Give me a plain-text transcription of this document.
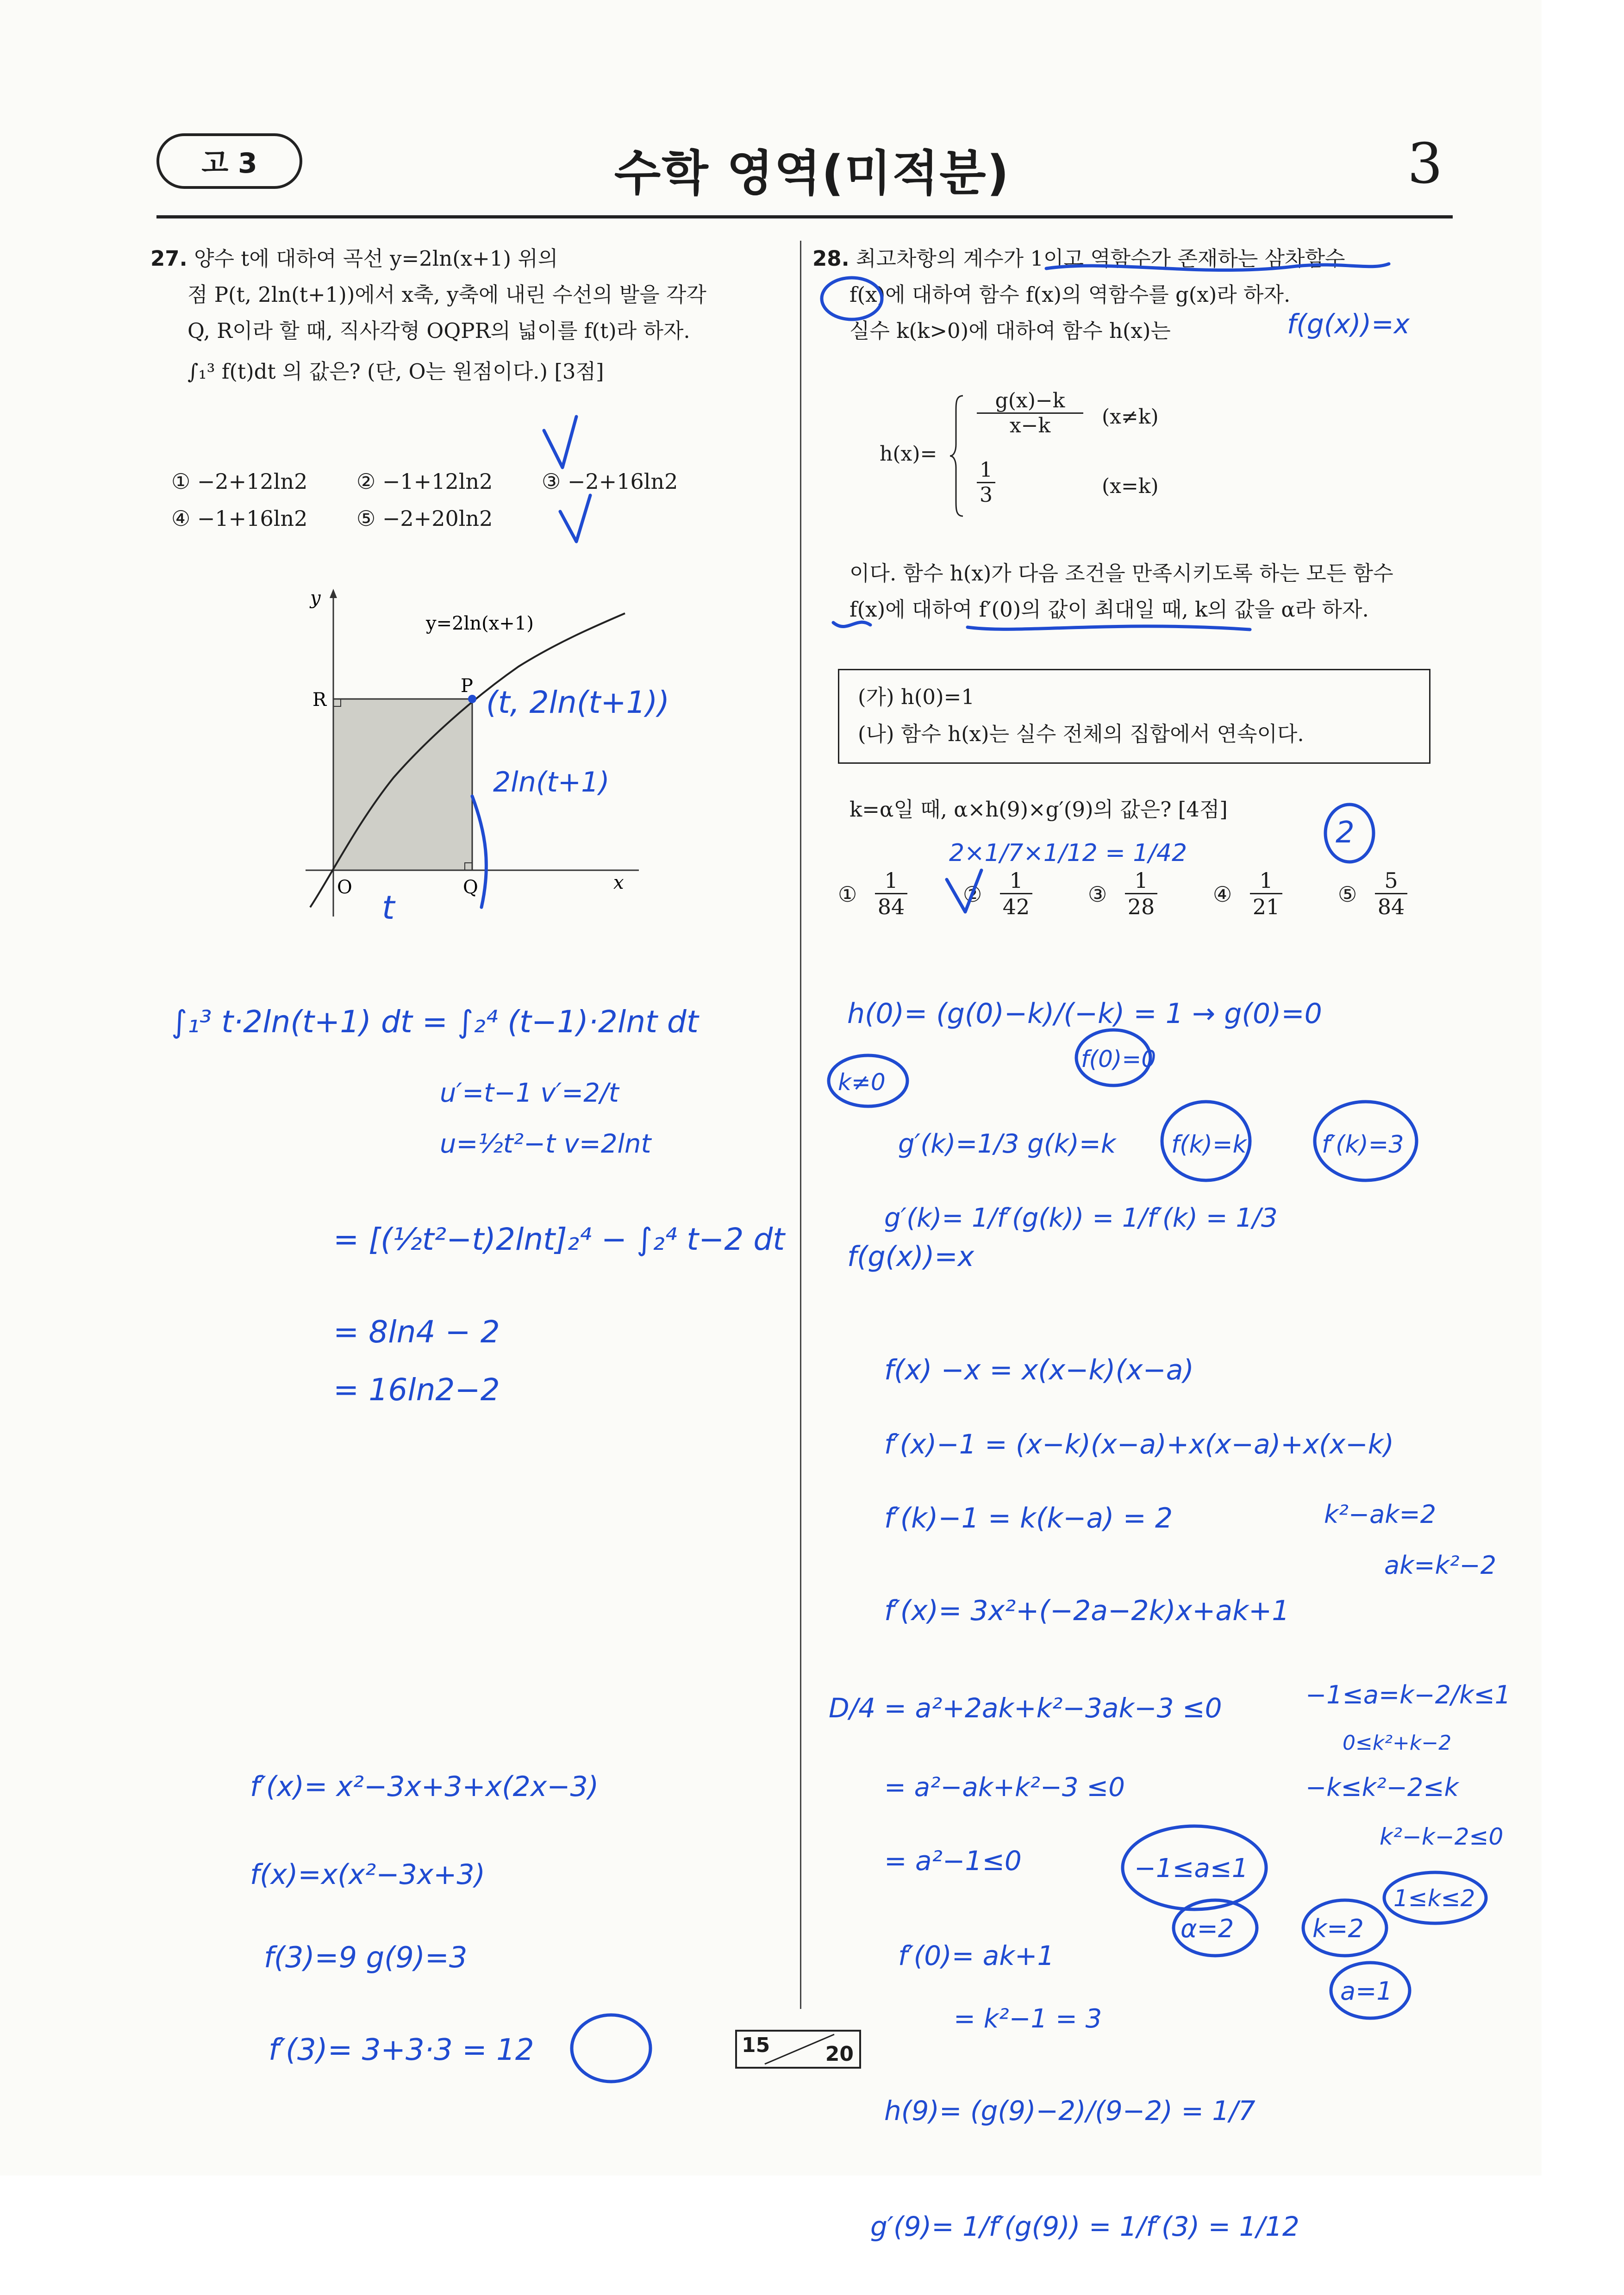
고 3	수학 영역(미적분)	3
27. 양수 t에 대하여 곡선 y=2ln(x+1) 위의
점 P(t, 2ln(t+1))에서 x축, y축에 내린 수선의 발을 각각
Q, R이라 할 때, 직사각형 OQPR의 넓이를 f(t)라 하자.
∫₁³ f(t)dt 의 값은? (단, O는 원점이다.) [3점]
① −2+12ln2 ② −1+12ln2 ③ −2+16ln2
④ −1+16ln2 ⑤ −2+20ln2
y
x
y=2ln(x+1)
R
P
Q
O
28. 최고차항의 계수가 1이고 역함수가 존재하는 삼차함수
f(x)에 대하여 함수 f(x)의 역함수를 g(x)라 하자.
실수 k(k>0)에 대하여 함수 h(x)는
h(x)=
$\frac{g(x)-k}{x-k} (x\ne k)$
$\frac{1}{3}$	(x=k)
이다. 함수 h(x)가 다음 조건을 만족시키도록 하는 모든 함수
f(x)에 대하여 f′(0)의 값이 최대일 때, k의 값을 α라 하자.
(가) h(0)=1
(나) 함수 h(x)는 실수 전체의 집합에서 연속이다.
k=α일 때, α×h(9)×g′(9)의 값은? [4점]
① $\frac{1}{84}$	② $\frac{1}{42}$	③ $\frac{1}{28}$	④ $\frac{1}{21}$	⑤ $\frac{5}{84}$
15	20
(t, 2ln(t+1))
2ln(t+1)
t
∫₁³ t·2ln(t+1) dt = ∫₂⁴ (t−1)·2lnt dt
u′=t−1 v′=2/t
u=½t²−t v=2lnt
= [(½t²−t)2lnt]₂⁴ − ∫₂⁴ t−2 dt
= 8ln4 − 2
= 16ln2−2
f(g(x))=x
2×1/7×1/12 = 1/42
2
f(g(x))=x
h(0)= (g(0)−k)/(−k) = 1 → g(0)=0
k≠0
f(0)=0
g′(k)=1/3 g(k)=k f(k)=k	f′(k)=3
g′(k)= 1/f′(g(k)) = 1/f′(k) = 1/3
f(x) −x = x(x−k)(x−a)
f′(x)−1 = (x−k)(x−a)+x(x−a)+x(x−k)
f′(k)−1 = k(k−a) = 2	k²−ak=2
ak=k²−2
f′(x)= 3x²+(−2a−2k)x+ak+1
D/4 = a²+2ak+k²−3ak−3 ≤0
= a²−ak+k²−3 ≤0
= a²−1≤0	−1≤a≤1
−1≤a=k−2/k≤1
0≤k²+k−2
−k≤k²−2≤k
k²−k−2≤0
1≤k≤2
f′(0)= ak+1
= k²−1 = 3
α=2	k=2
a=1
h(9)= (g(9)−2)/(9−2) = 1/7
g′(9)= 1/f′(g(9)) = 1/f′(3) = 1/12
f′(x)= x²−3x+3+x(2x−3)
f(x)=x(x²−3x+3)
f(3)=9 g(9)=3
f′(3)= 3+3·3 = 12
